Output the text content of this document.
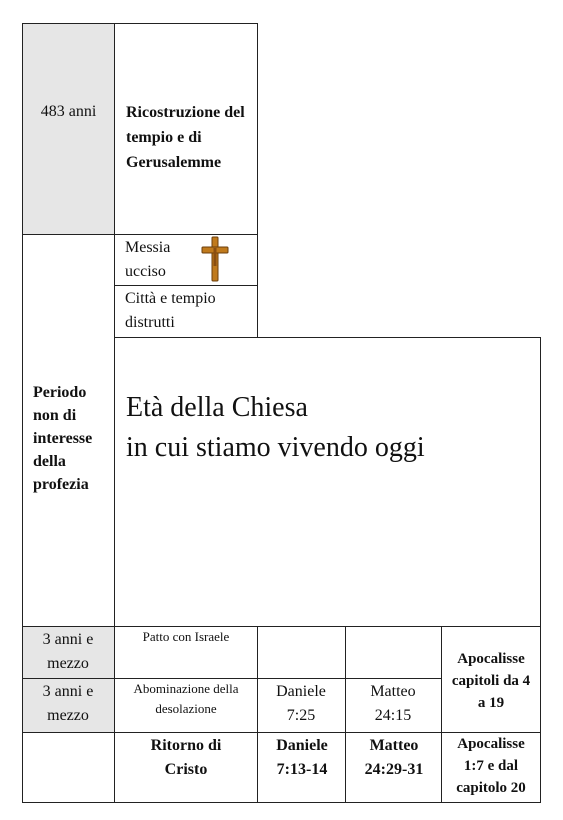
483 anni	Ricostruzione del tempio e di Gerusalemme
Periodo non di interesse della profezia
Messia ucciso
Città e tempio distrutti
Età della Chiesa
in cui stiamo vivendo oggi
3 anni e mezzo
Patto con Israele
Apocalisse capitoli da 4 a 19
3 anni e mezzo
Abominazione della desolazione
Daniele 7:25
Matteo 24:15
Ritorno di Cristo
Daniele 7:13-14
Matteo 24:29-31
Apocalisse 1:7 e dal capitolo 20
